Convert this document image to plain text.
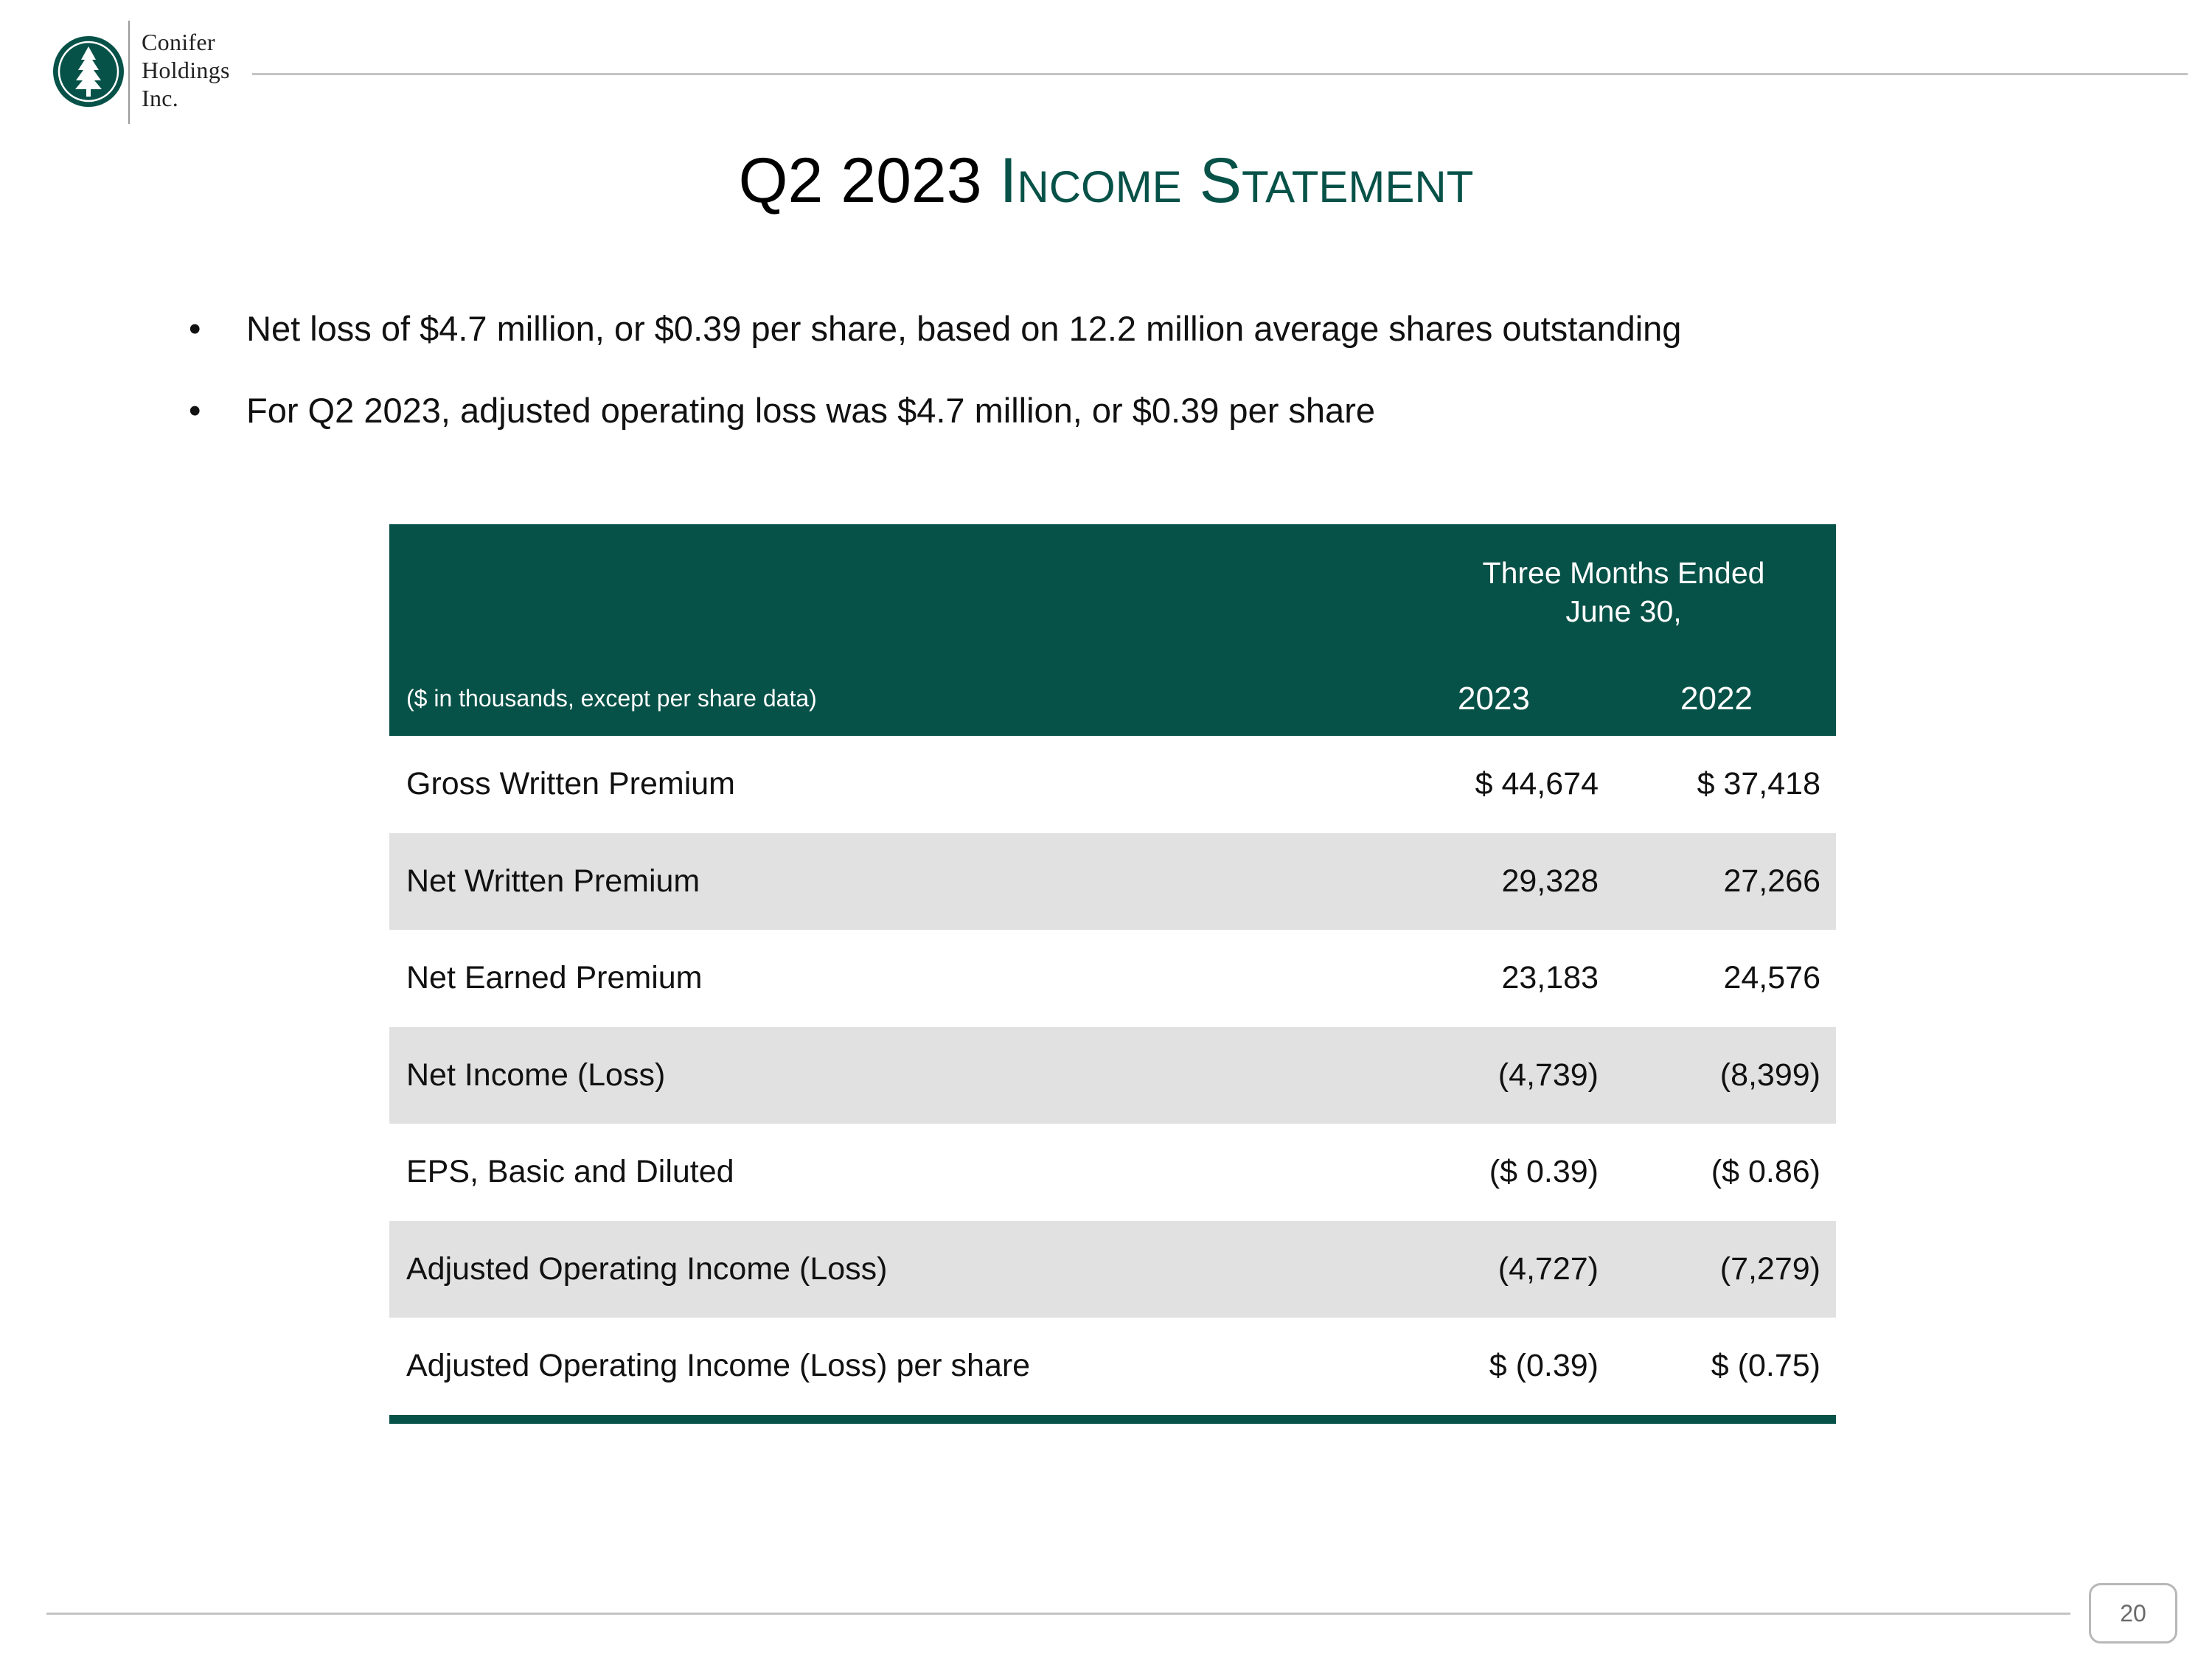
Conifer
Holdings
Inc.
Q2 2023 Income Statement
• Net loss of $4.7 million, or $0.39 per share, based on 12.2 million average shares outstanding
• For Q2 2023, adjusted operating loss was $4.7 million, or $0.39 per share
Three Months Ended
June 30,
($ in thousands, except per share data)	2023	2022
Gross Written Premium	$ 44,674	$ 37,418
Net Written Premium	29,328	27,266
Net Earned Premium	23,183	24,576
Net Income (Loss)	(4,739)	(8,399)
EPS, Basic and Diluted	($ 0.39)	($ 0.86)
Adjusted Operating Income (Loss)	(4,727)	(7,279)
Adjusted Operating Income (Loss) per share	$ (0.39)	$ (0.75)
20
